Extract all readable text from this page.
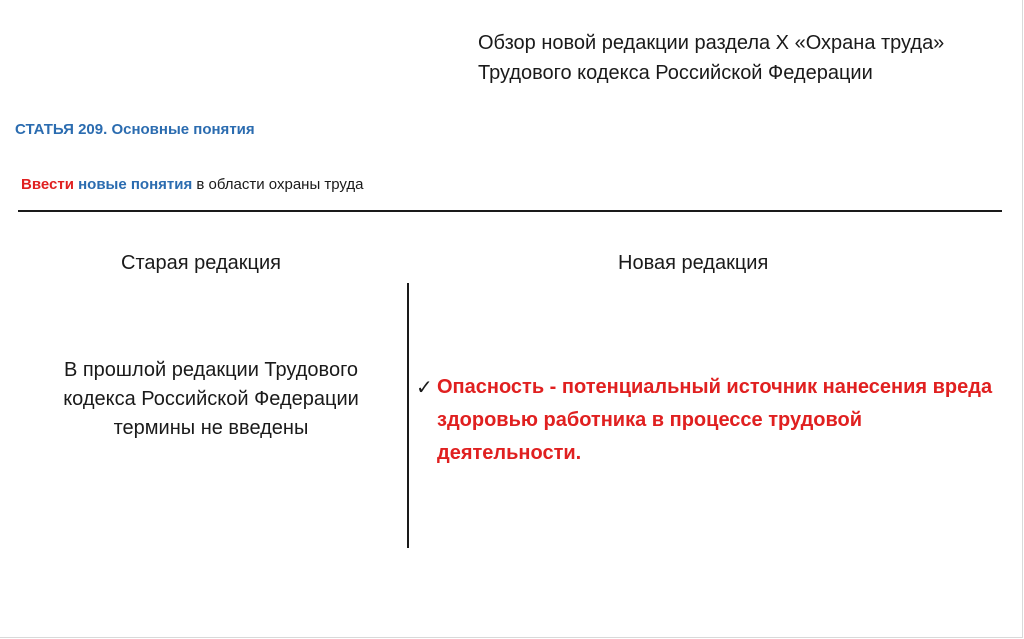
Обзор новой редакции раздела X «Охрана труда»
Трудового кодекса Российской Федерации
СТАТЬЯ 209. Основные понятия
Ввести новые понятия в области охраны труда
Старая редакция	Новая редакция
В прошлой редакции Трудового кодекса Российской Федерации термины не введены
✓ Опасность - потенциальный источник нанесения вреда здоровью работника в процессе трудовой деятельности.
